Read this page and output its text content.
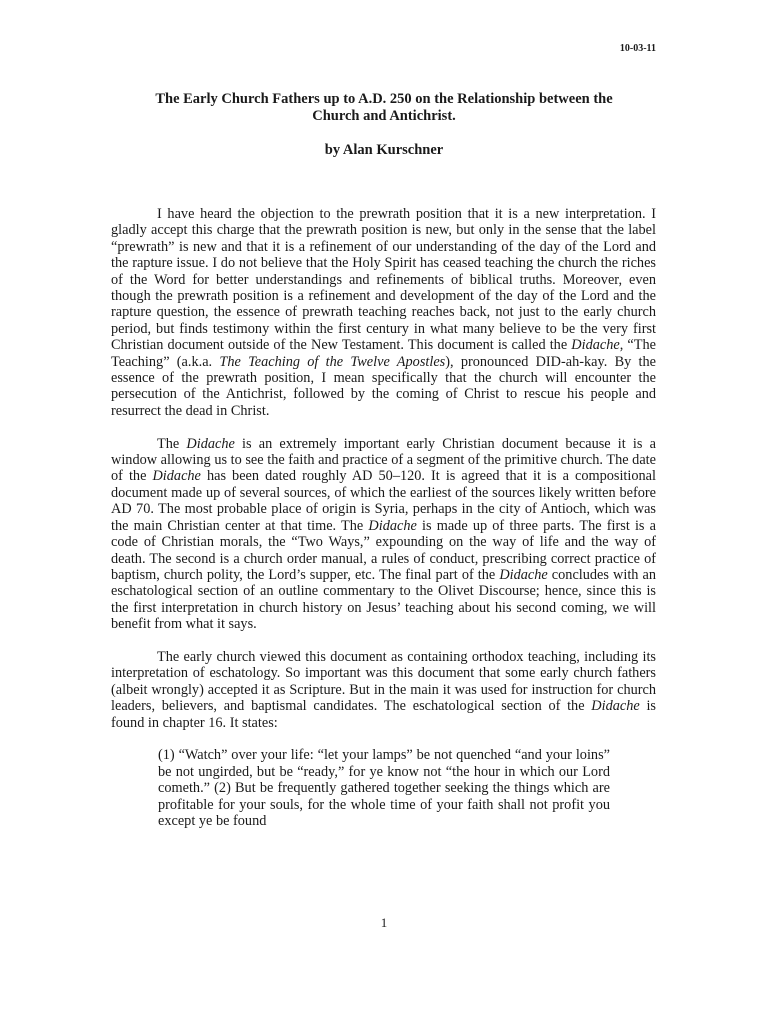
10-03-11
The Early Church Fathers up to A.D. 250 on the Relationship between the
Church and Antichrist.

by Alan Kurschner

I have heard the objection to the prewrath position that it is a new interpretation. I gladly accept this charge that the prewrath position is new, but only in the sense that the label “prewrath” is new and that it is a refinement of our understanding of the day of the Lord and the rapture issue. I do not believe that the Holy Spirit has ceased teaching the church the riches of the Word for better understandings and refinements of biblical truths. Moreover, even though the prewrath position is a refinement and development of the day of the Lord and the rapture question, the essence of prewrath teaching reaches back, not just to the early church period, but finds testimony within the first century in what many believe to be the very first Christian document outside of the New Testament. This document is called the Didache, “The Teaching” (a.k.a. The Teaching of the Twelve Apostles), pronounced DID-ah-kay. By the essence of the prewrath position, I mean specifically that the church will encounter the persecution of the Antichrist, followed by the coming of Christ to rescue his people and resurrect the dead in Christ.

The Didache is an extremely important early Christian document because it is a window allowing us to see the faith and practice of a segment of the primitive church. The date of the Didache has been dated roughly AD 50–120. It is agreed that it is a compositional document made up of several sources, of which the earliest of the sources likely written before AD 70. The most probable place of origin is Syria, perhaps in the city of Antioch, which was the main Christian center at that time. The Didache is made up of three parts. The first is a code of Christian morals, the “Two Ways,” expounding on the way of life and the way of death. The second is a church order manual, a rules of conduct, prescribing correct practice of baptism, church polity, the Lord’s supper, etc. The final part of the Didache concludes with an eschatological section of an outline commentary to the Olivet Discourse; hence, since this is the first interpretation in church history on Jesus’ teaching about his second coming, we will benefit from what it says.

The early church viewed this document as containing orthodox teaching, including its interpretation of eschatology. So important was this document that some early church fathers (albeit wrongly) accepted it as Scripture. But in the main it was used for instruction for church leaders, believers, and baptismal candidates. The eschatological section of the Didache is found in chapter 16. It states:

(1) “Watch” over your life: “let your lamps” be not quenched “and your loins” be not ungirded, but be “ready,” for ye know not “the hour in which our Lord cometh.” (2) But be frequently gathered together seeking the things which are profitable for your souls, for the whole time of your faith shall not profit you except ye be found
1
